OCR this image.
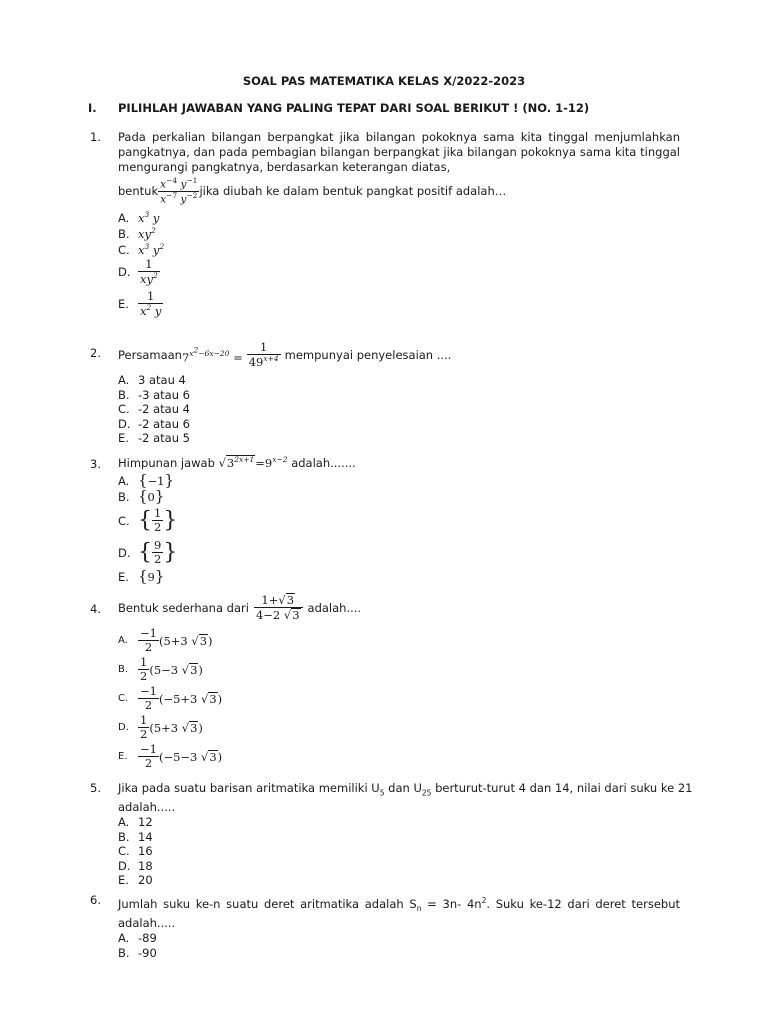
SOAL PAS MATEMATIKA KELAS X/2022-2023
I. PILIHLAH JAWABAN YANG PALING TEPAT DARI SOAL BERIKUT ! (NO. 1-12)
1. Pada perkalian bilangan berpangkat jika bilangan pokoknya sama kita tinggal menjumlahkan
pangkatnya, dan pada pembagian bilangan berpangkat jika bilangan pokoknya sama kita tinggal
mengurangi pangkatnya, berdasarkan keterangan diatas,
bentuk $\frac{x^{-4} y^{-1}}{x^{-7} y^{-2}}$ jika diubah ke dalam bentuk pangkat positif adalah…
A. $x^3$ y
B. $xy^2$
C. $x^3$ $y^2$
D. $\frac{1}{xy^2}$
E. $\frac{1}{x^2 y}$
2. Persamaan $7^{x^2-6x-20} = \frac{1}{49^{x+4}}$ mempunyai penyelesaian ....
A. 3 atau 4
B. -3 atau 6
C. -2 atau 4
D. -2 atau 6
E. -2 atau 5
3. Himpunan jawab $√3^{2x+1}=9^{x-2}$ adalah.......
A. {−1}
B. {0}
C. { $\frac{1}{2}$ }
D. { $\frac{9}{2}$ }
E. {9}
4. Bentuk sederhana dari $\frac{1+√3}{4-2 √3}$ adalah....
A. $\frac{-1}{2} (5+3$ √3)
B. $\frac{1}{2} (5-3$ √3)
C. $\frac{-1}{2} (-5+3$ √3)
D. $\frac{1}{2} (5+3$ √3)
E. $\frac{-1}{2} (-5-3$ √3)
5. Jika pada suatu barisan aritmatika memiliki $U_5$ dan $U_{25}$ berturut-turut 4 dan 14, nilai dari suku ke 21
adalah.....
A. 12
B. 14
C. 16
D. 18
E. 20
6. Jumlah suku ke-n suatu deret aritmatika adalah $S_n = 3n-$ $4n^2$. Suku ke-12 dari deret tersebut
adalah.....
A. -89
B. -90
